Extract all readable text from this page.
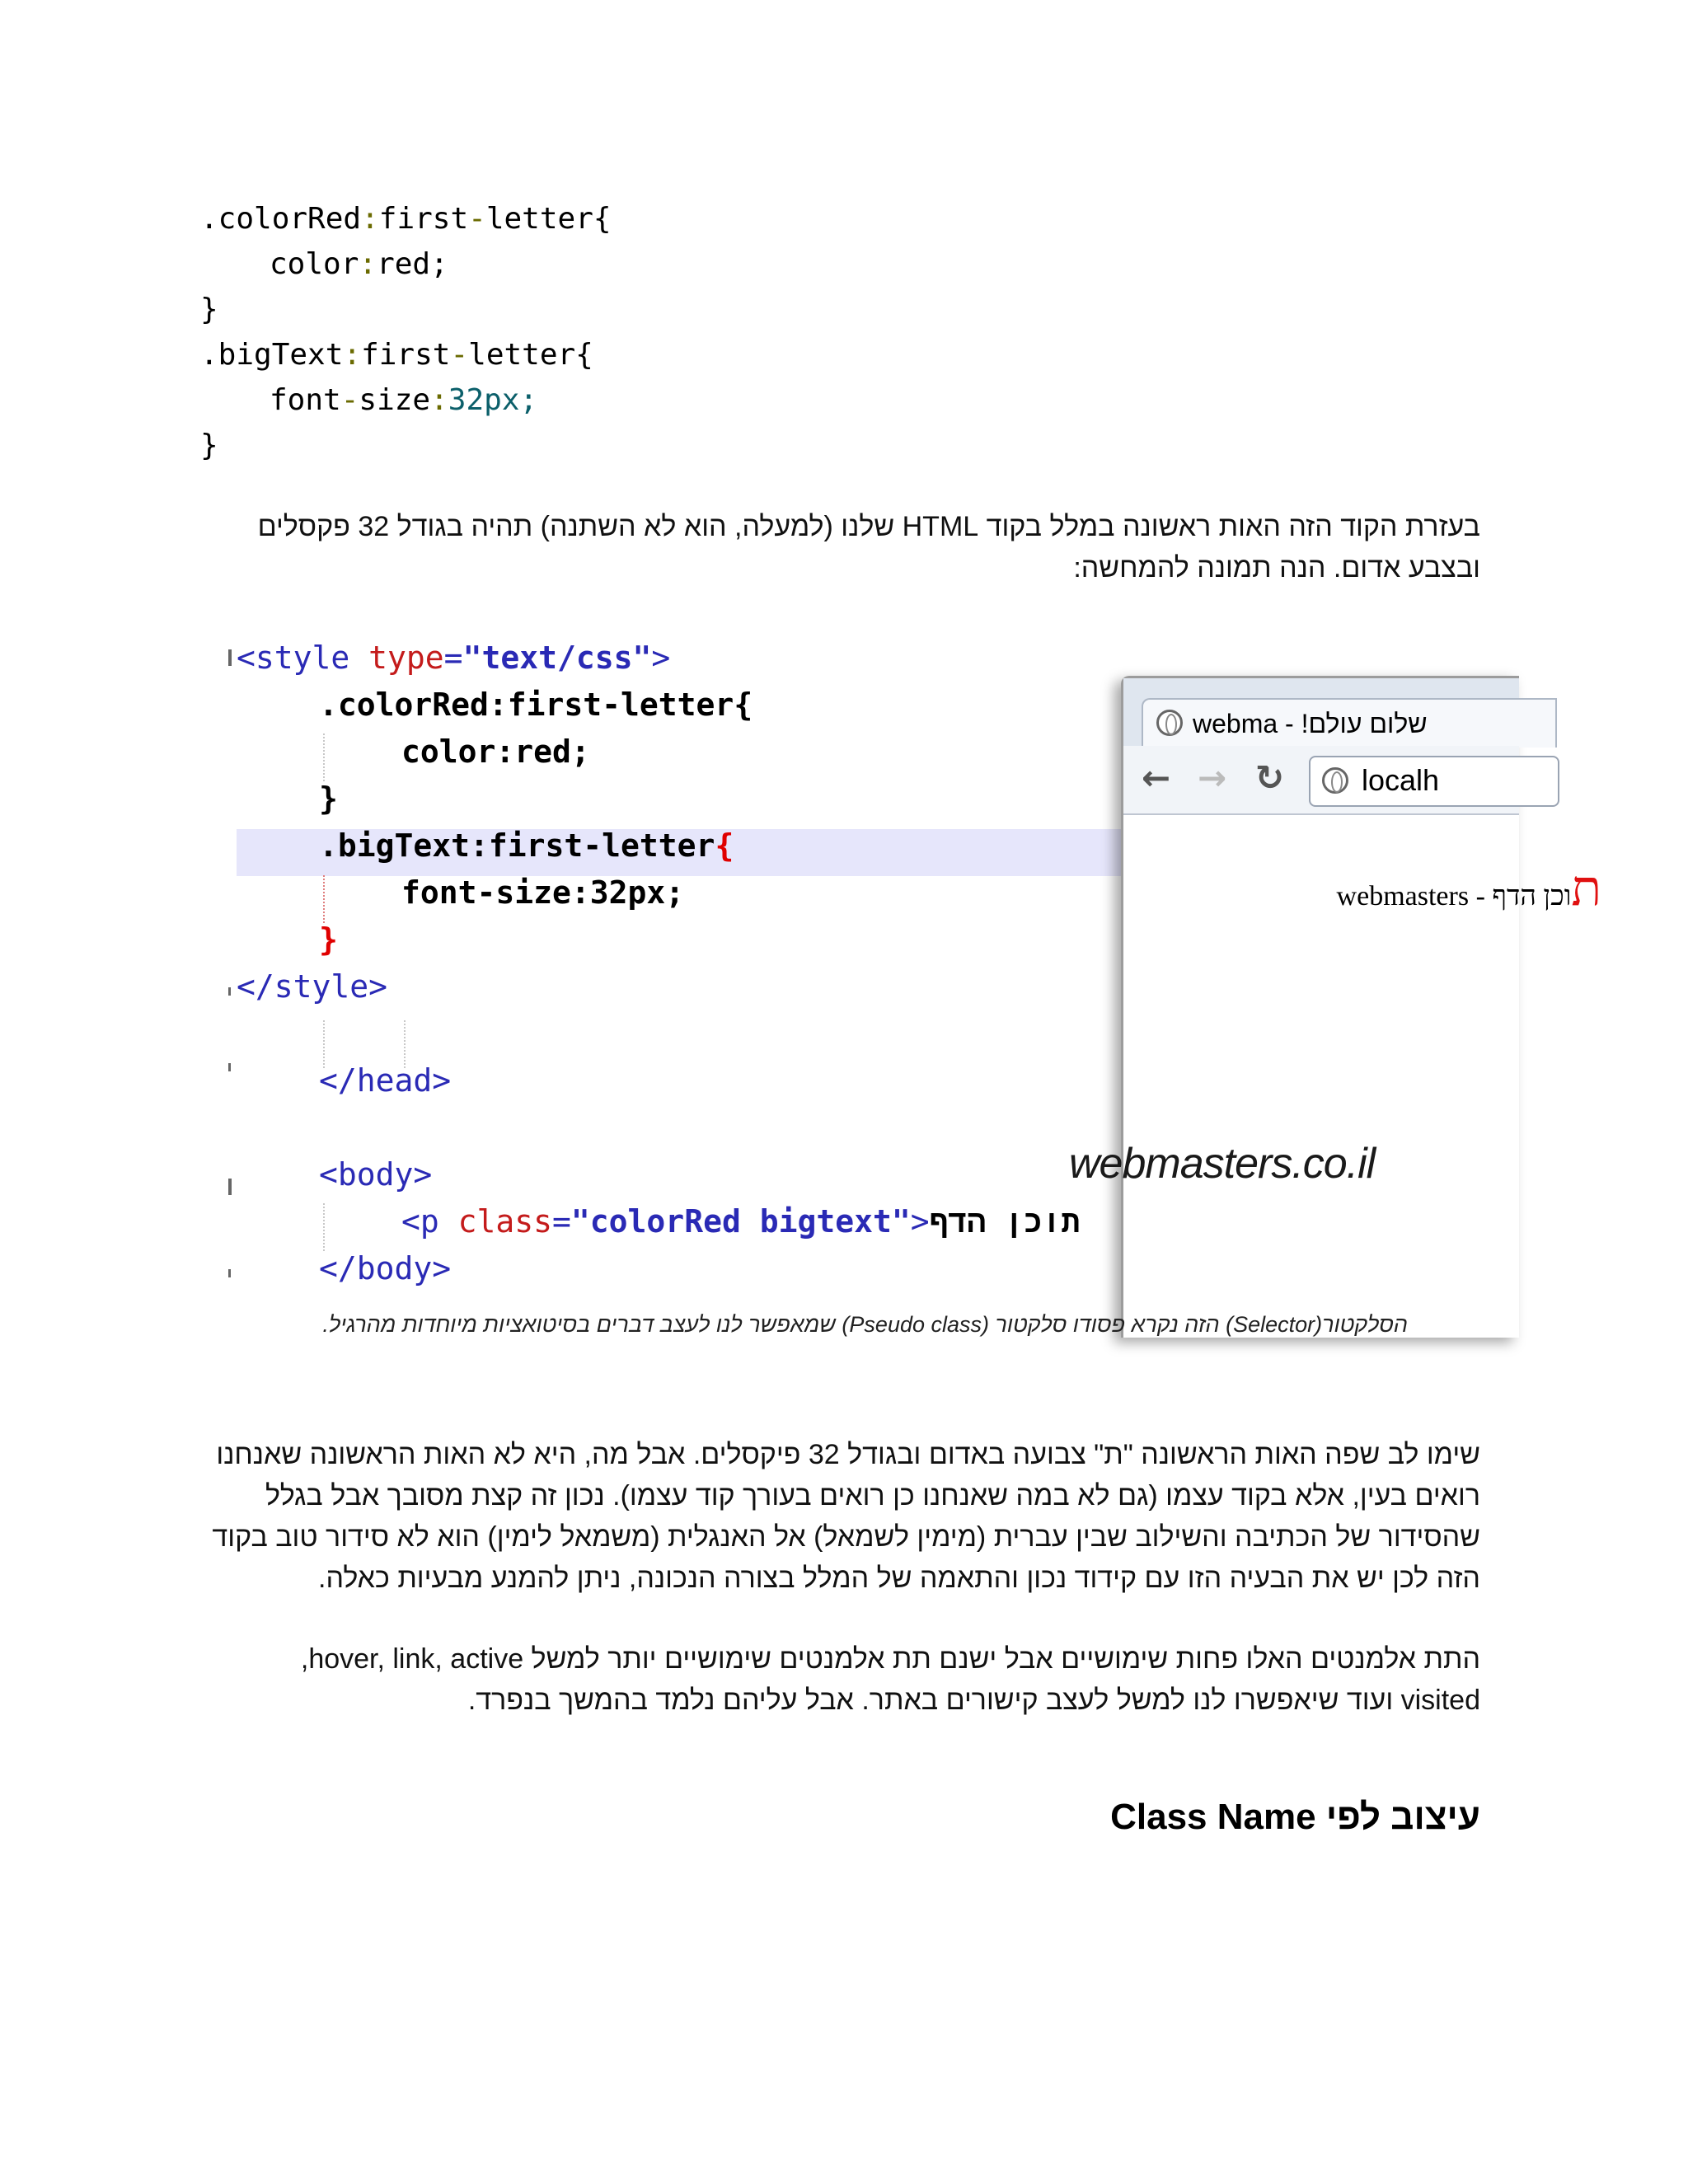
.colorRed:first-letter{
color:red;
}
.bigText:first-letter{
font-size:32px;
}
בעזרת הקוד הזה האות ראשונה במלל בקוד HTML שלנו (למעלה, הוא לא השתנה) תהיה בגודל 32 פקסלים
ובצבע אדום. הנה תמונה להמחשה:
<style type="text/css">
.colorRed:first-letter{
color:red;
}
.bigText:first-letter{
font-size:32px;
}
</style>
</head>
<body>
<p class="colorRed bigtext">תוכן הדף
</body>
שלום עולם! - webma
← → ↻	localh
תוכן הדף - webmasters
webmasters.co.il
הסלקטור(Selector) הזה נקרא פסודו סלקטור (Pseudo class) שמאפשר לנו לעצב דברים בסיטואציות מיוחדות מהרגיל.
שימו לב שפה האות הראשונה "ת" צבועה באדום ובגודל 32 פיקסלים. אבל מה, היא לא האות הראשונה שאנחנו
רואים בעין, אלא בקוד עצמו (גם לא במה שאנחנו כן רואים בעורך קוד עצמו). נכון זה קצת מסובך אבל בגלל
שהסידור של הכתיבה והשילוב שבין עברית (מימין לשמאל) אל האנגלית (משמאל לימין) הוא לא סידור טוב בקוד
הזה לכן יש את הבעיה הזו עם קידוד נכון והתאמה של המלל בצורה הנכונה, ניתן להמנע מבעיות כאלה.
התת אלמנטים האלו פחות שימושיים אבל ישנם תת אלמנטים שימושיים יותר למשל hover, link, active,
visited ועוד שיאפשרו לנו למשל לעצב קישורים באתר. אבל עליהם נלמד בהמשך בנפרד.
עיצוב לפי Class Name
